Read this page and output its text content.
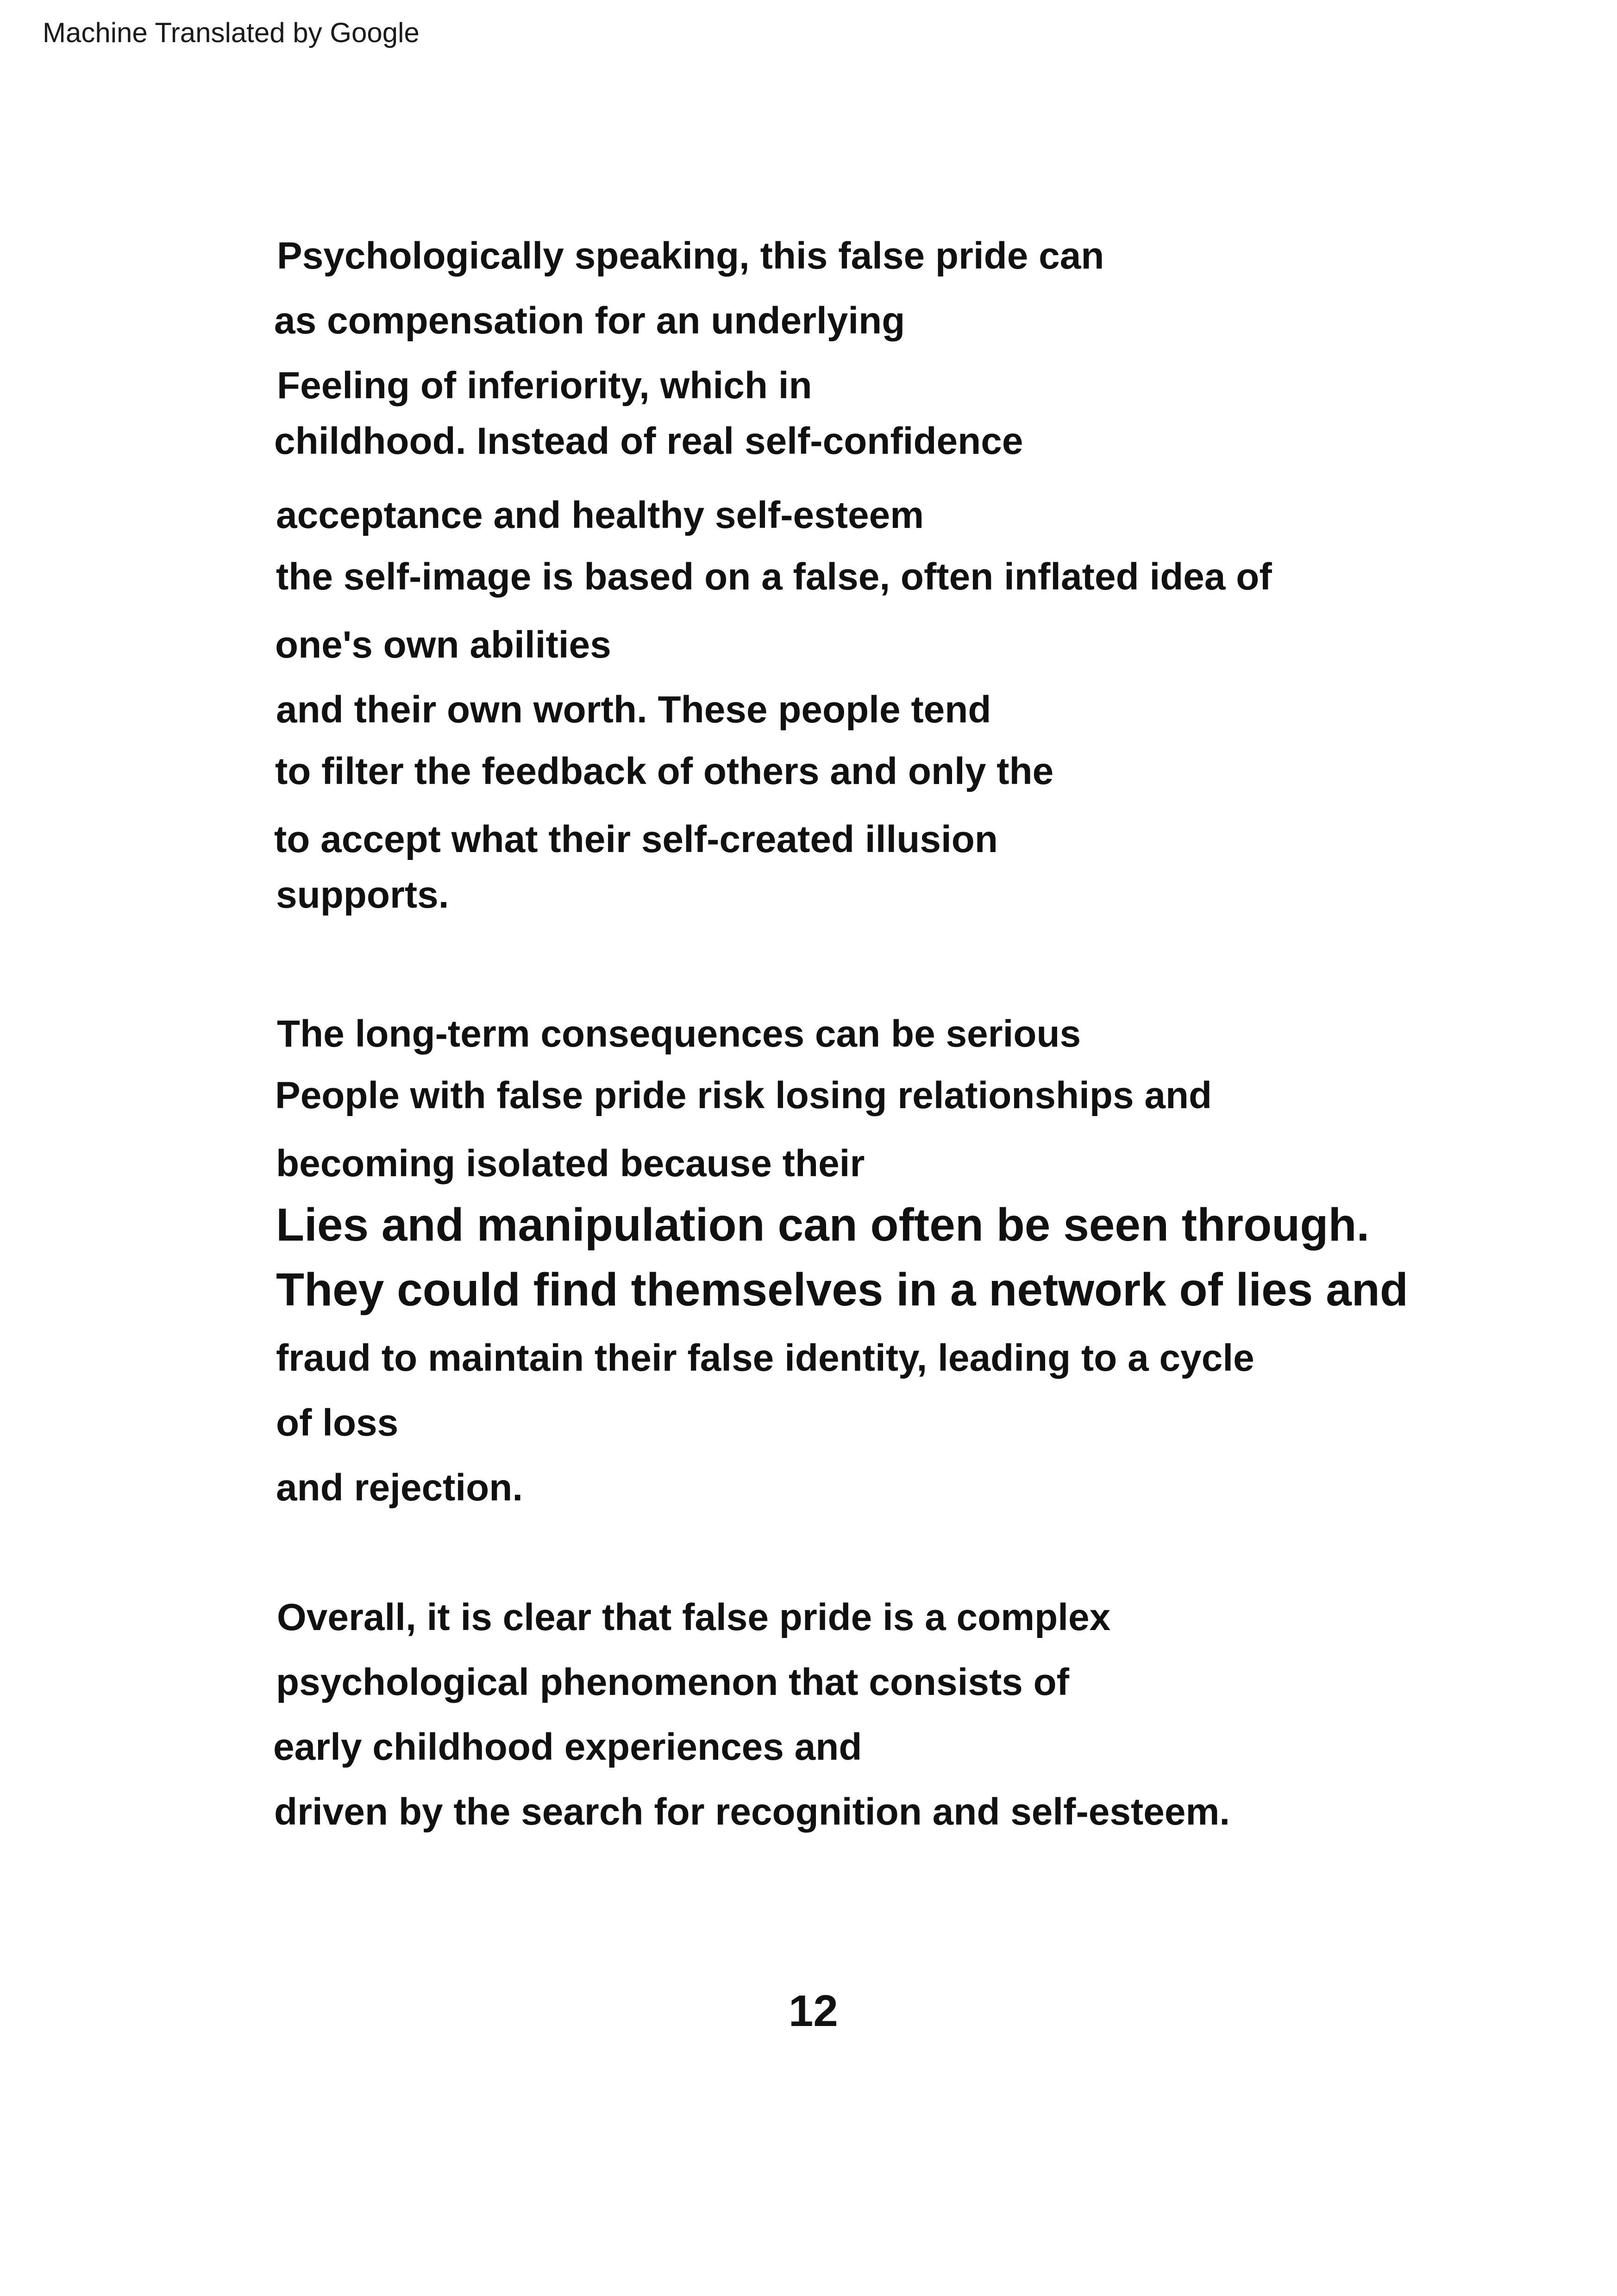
Machine Translated by Google
Psychologically speaking, this false pride can
as compensation for an underlying
Feeling of inferiority, which in
childhood. Instead of real self-confidence
acceptance and healthy self-esteem
the self-image is based on a false, often inflated idea of
one's own abilities
and their own worth. These people tend
to filter the feedback of others and only the
to accept what their self-created illusion
supports.
The long-term consequences can be serious
People with false pride risk losing relationships and
becoming isolated because their
Lies and manipulation can often be seen through.
They could find themselves in a network of lies and
fraud to maintain their false identity, leading to a cycle
of loss
and rejection.
Overall, it is clear that false pride is a complex
psychological phenomenon that consists of
early childhood experiences and
driven by the search for recognition and self-esteem.
12
